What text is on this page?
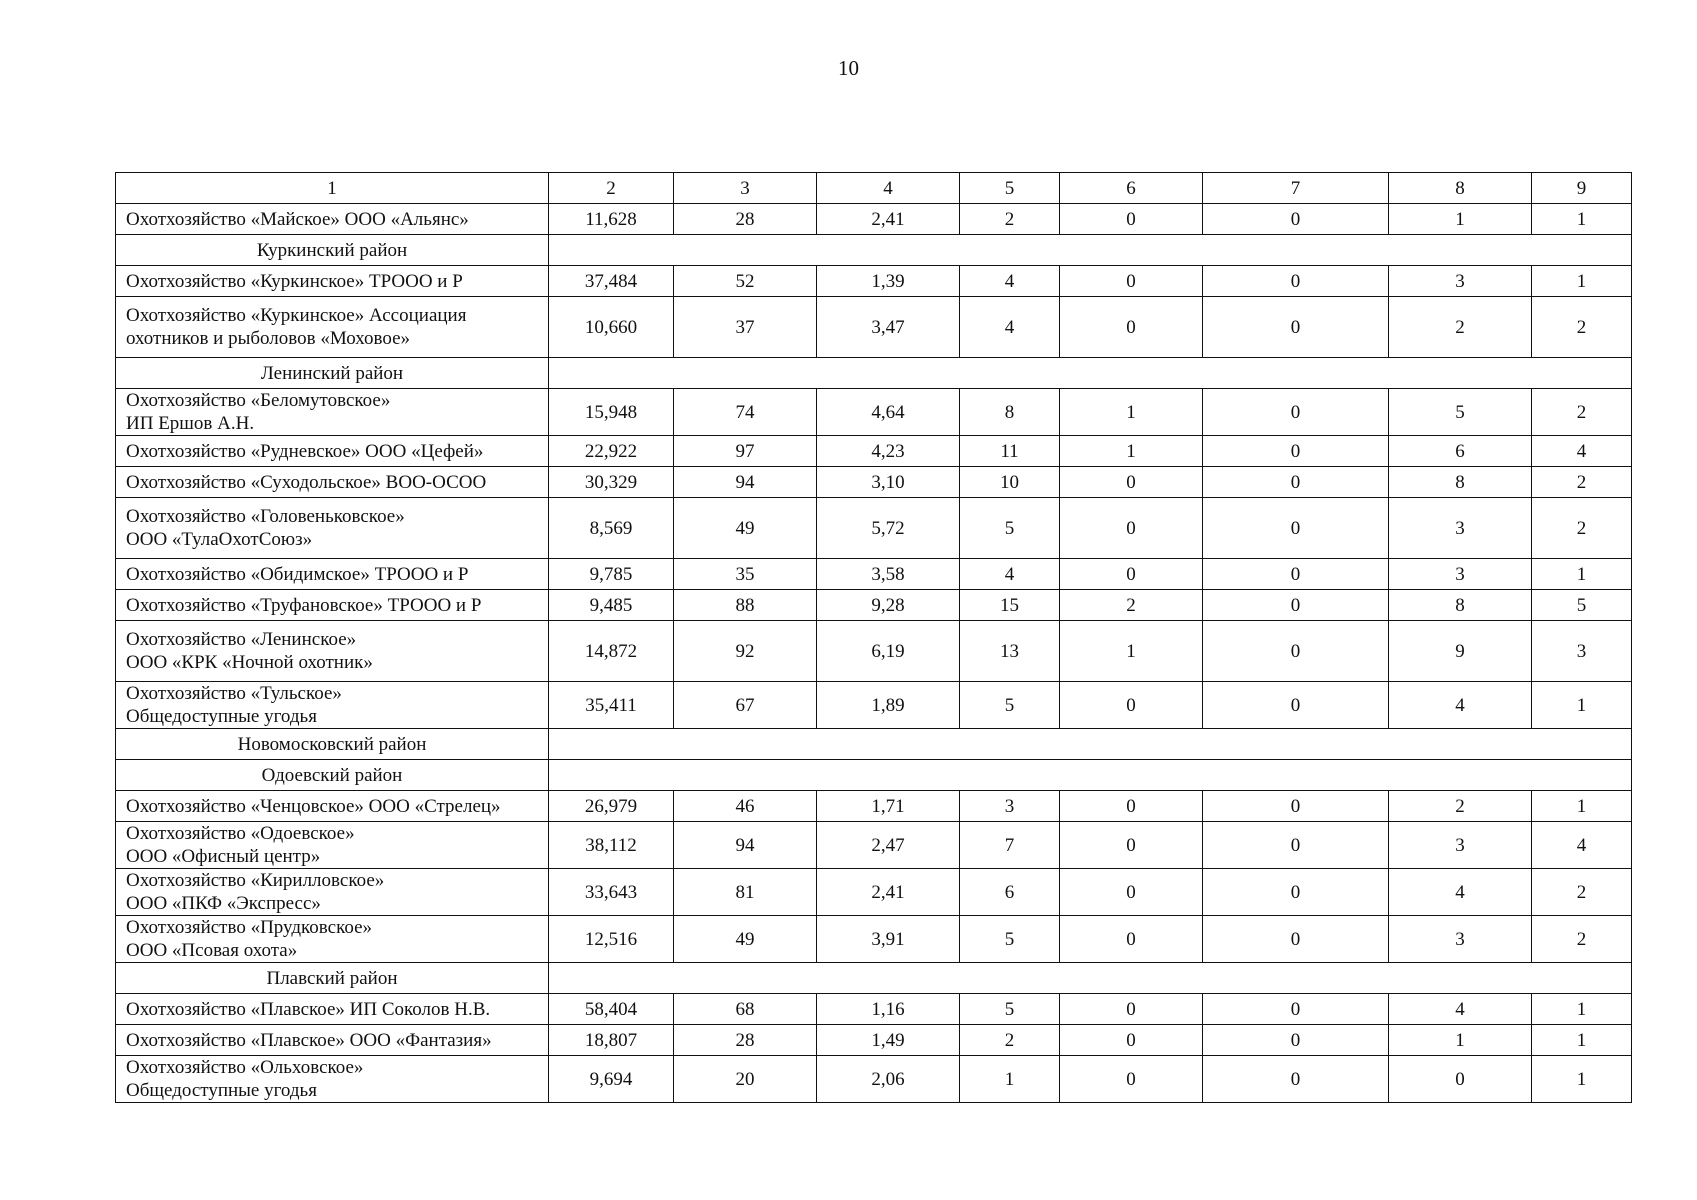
10
1	2	3	4	5	6	7	8	9

Охотхозяйство «Майское» ООО «Альянс»	11,628	28	2,41	2	0	0	1	1
Куркинский район								

Охотхозяйство «Куркинское» ТРООО и Р	37,484	52	1,39	4	0	0	3	1

Охотхозяйство «Куркинское» Ассоциация
охотников и рыболовов «Моховое»	10,660	37	3,47	4	0	0	2	2
Ленинский район								

Охотхозяйство «Беломутовское»
ИП Ершов А.Н.	15,948	74	4,64	8	1	0	5	2

Охотхозяйство «Рудневское» ООО «Цефей»	22,922	97	4,23	11	1	0	6	4

Охотхозяйство «Суходольское» ВОО-ОСОО	30,329	94	3,10	10	0	0	8	2

Охотхозяйство «Головеньковское»
ООО «ТулаОхотСоюз»	8,569	49	5,72	5	0	0	3	2

Охотхозяйство «Обидимское» ТРООО и Р	9,785	35	3,58	4	0	0	3	1

Охотхозяйство «Труфановское» ТРООО и Р	9,485	88	9,28	15	2	0	8	5

Охотхозяйство «Ленинское»
ООО «КРК «Ночной охотник»	14,872	92	6,19	13	1	0	9	3

Охотхозяйство «Тульское»
Общедоступные угодья	35,411	67	1,89	5	0	0	4	1
Новомосковский район								
Одоевский район								

Охотхозяйство «Ченцовское» ООО «Стрелец»	26,979	46	1,71	3	0	0	2	1

Охотхозяйство «Одоевское»
ООО «Офисный центр»	38,112	94	2,47	7	0	0	3	4

Охотхозяйство «Кирилловское»
ООО «ПКФ «Экспресс»	33,643	81	2,41	6	0	0	4	2

Охотхозяйство «Прудковское»
ООО «Псовая охота»	12,516	49	3,91	5	0	0	3	2
Плавский район								

Охотхозяйство «Плавское» ИП Соколов Н.В.	58,404	68	1,16	5	0	0	4	1

Охотхозяйство «Плавское» ООО «Фантазия»	18,807	28	1,49	2	0	0	1	1

Охотхозяйство «Ольховское»
Общедоступные угодья	9,694	20	2,06	1	0	0	0	1
